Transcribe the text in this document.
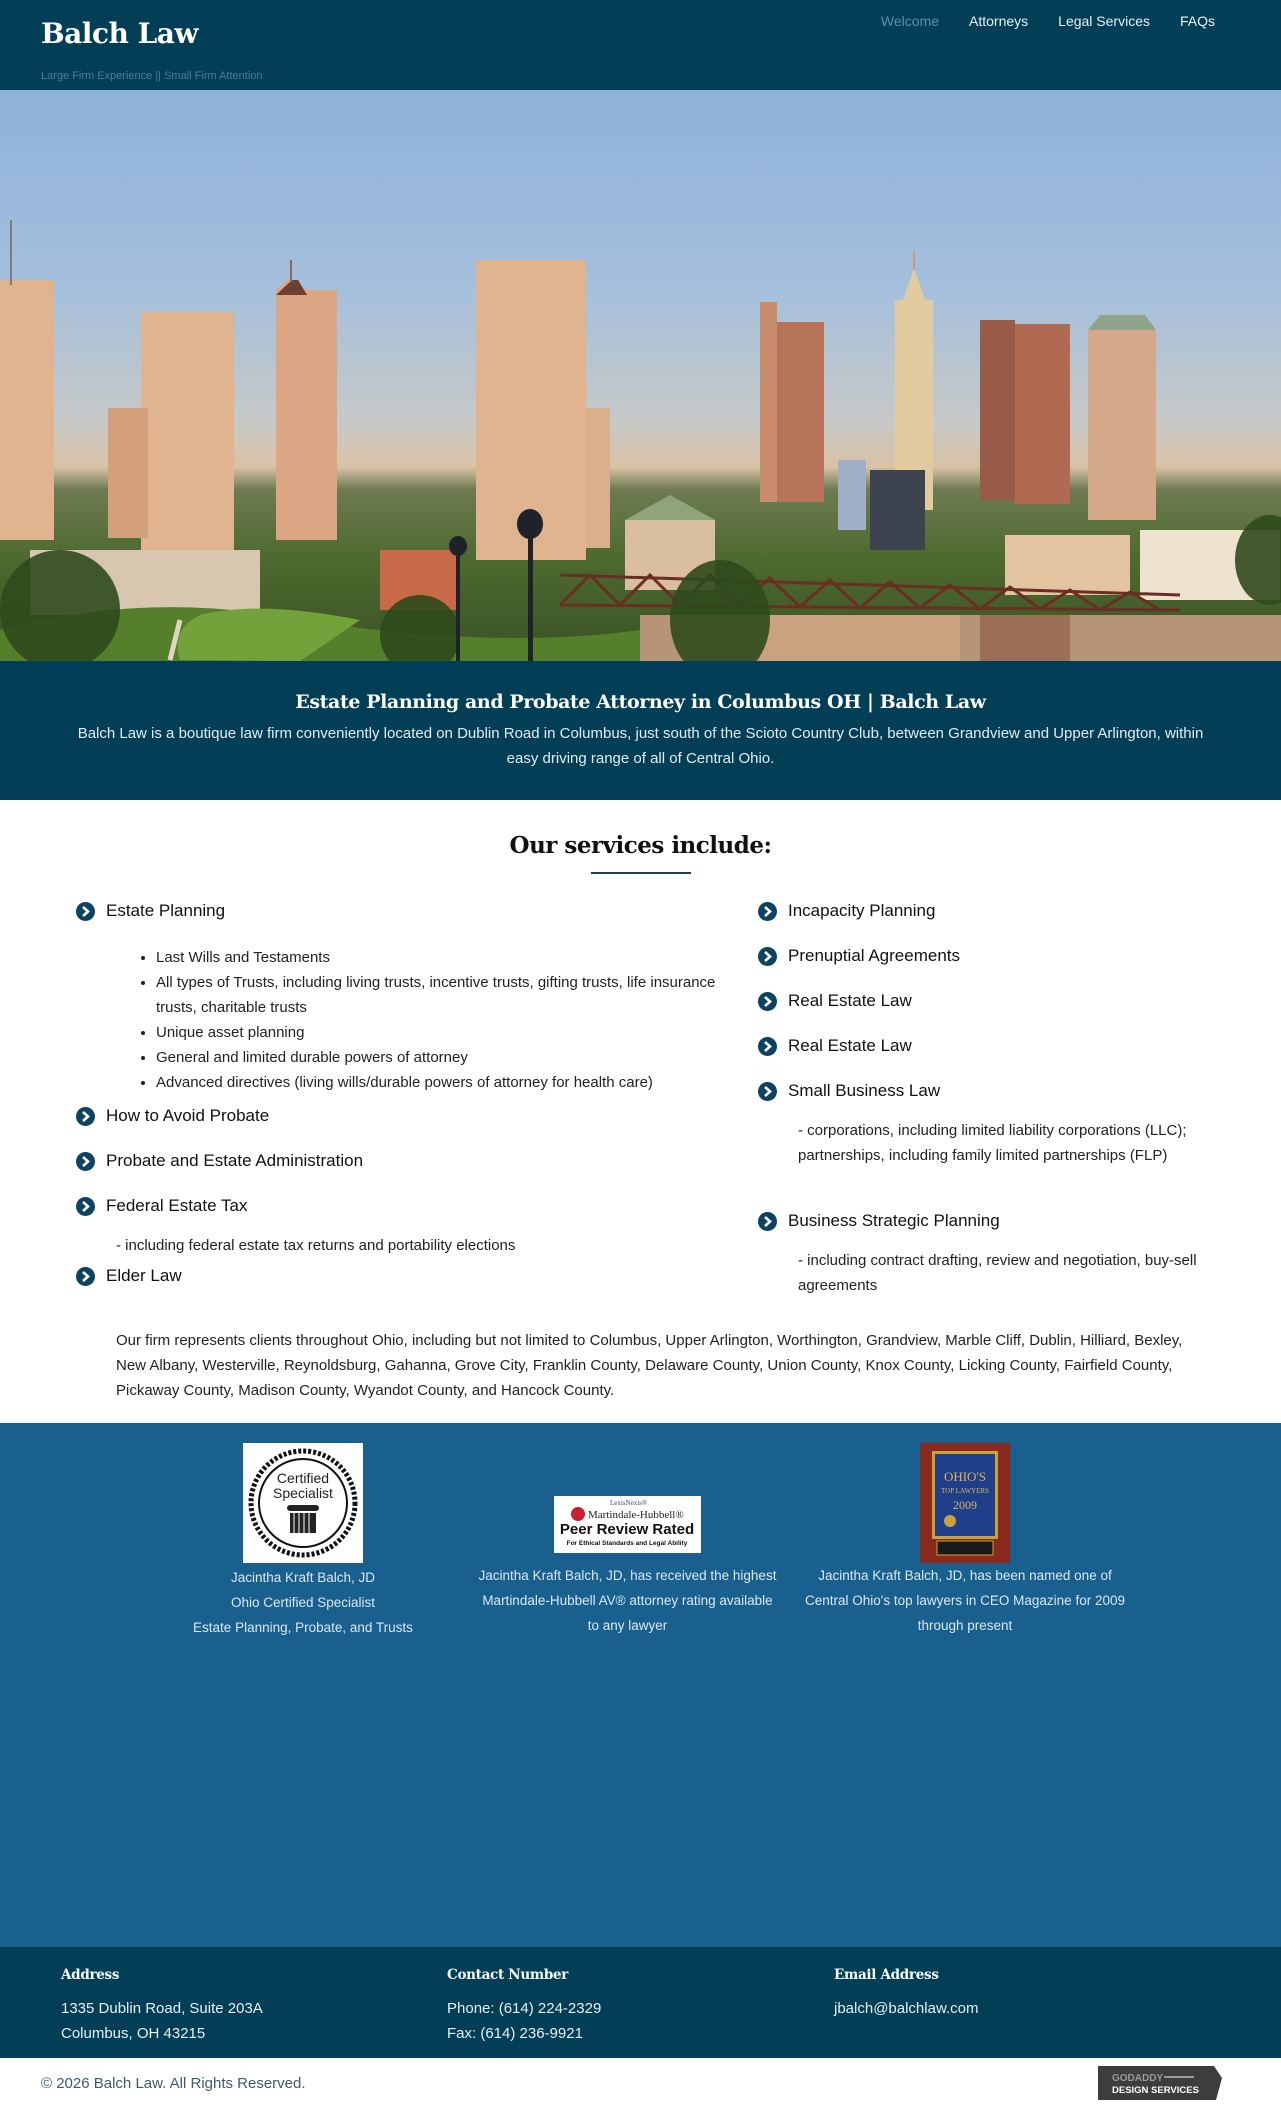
Balch Law
Large Firm Experience || Small Firm Attention
Welcome Attorneys Legal Services FAQs
Estate Planning and Probate Attorney in Columbus OH | Balch Law

Balch Law is a boutique law firm conveniently located on Dublin Road in Columbus, just south of the Scioto Country Club, between Grandview and Upper Arlington, within easy driving range of all of Central Ohio.

Our services include:
Estate Planning
• Last Wills and Testaments
• All types of Trusts, including living trusts, incentive trusts, gifting trusts, life insurance trusts, charitable trusts
• Unique asset planning
• General and limited durable powers of attorney
• Advanced directives (living wills/durable powers of attorney for health care)
How to Avoid Probate
Probate and Estate Administration
Federal Estate Tax
- including federal estate tax returns and portability elections
Elder Law
Incapacity Planning
Prenuptial Agreements
Real Estate Law
Real Estate Law
Small Business Law
- corporations, including limited liability corporations (LLC); partnerships, including family limited partnerships (FLP)
Business Strategic Planning
- including contract drafting, review and negotiation, buy-sell agreements
Our firm represents clients throughout Ohio, including but not limited to Columbus, Upper Arlington, Worthington, Grandview, Marble Cliff, Dublin, Hilliard, Bexley, New Albany, Westerville, Reynoldsburg, Gahanna, Grove City, Franklin County, Delaware County, Union County, Knox County, Licking County, Fairfield County, Pickaway County, Madison County, Wyandot County, and Hancock County.
Certified
Specialist
Jacintha Kraft Balch, JD
Ohio Certified Specialist
Estate Planning, Probate, and Trusts
LexisNexis®
Martindale-Hubbell®
Peer Review Rated
For Ethical Standards and Legal Ability
Jacintha Kraft Balch, JD, has received the highest
Martindale-Hubbell AV® attorney rating available
to any lawyer
OHIO'S
TOP LAWYERS
2009
Jacintha Kraft Balch, JD, has been named one of
Central Ohio's top lawyers in CEO Magazine for 2009
through present
Address
1335 Dublin Road, Suite 203A
Columbus, OH 43215
Contact Number
Phone: (614) 224-2329
Fax: (614) 236-9921
Email Address
jbalch@balchlaw.com
© 2026 Balch Law. All Rights Reserved.	GODADDY
DESIGN SERVICES
